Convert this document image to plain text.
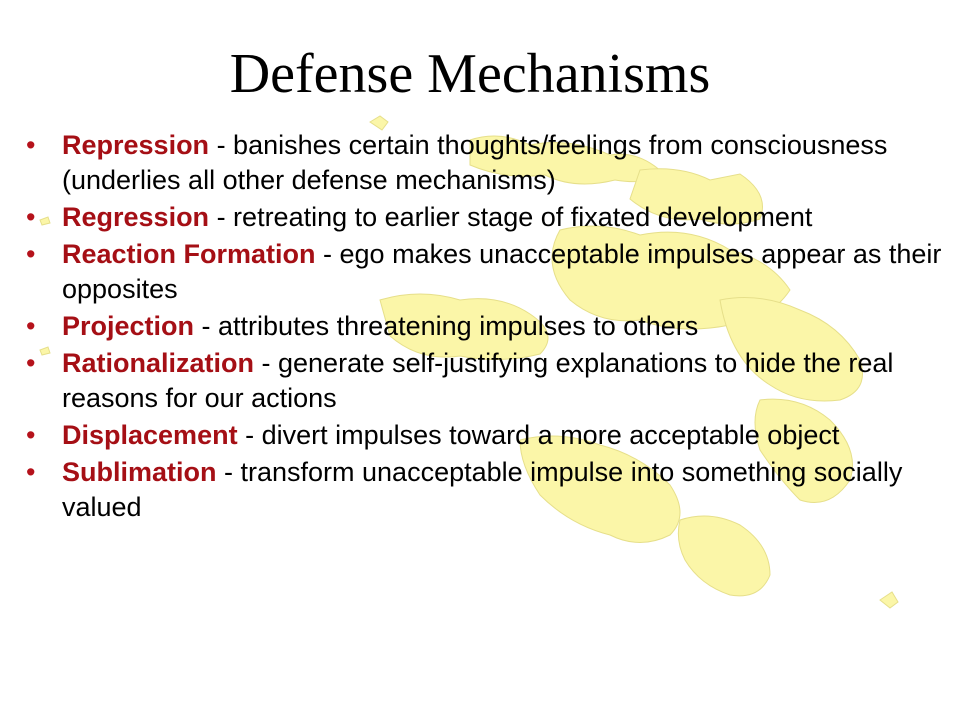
Defense Mechanisms
• Repression - banishes certain thoughts/feelings from consciousness (underlies all other defense mechanisms)
• Regression - retreating to earlier stage of fixated development
• Reaction Formation - ego makes unacceptable impulses appear as their opposites
• Projection - attributes threatening impulses to others
• Rationalization - generate self-justifying explanations to hide the real reasons for our actions
• Displacement - divert impulses toward a more acceptable object
• Sublimation - transform unacceptable impulse into something socially valued
